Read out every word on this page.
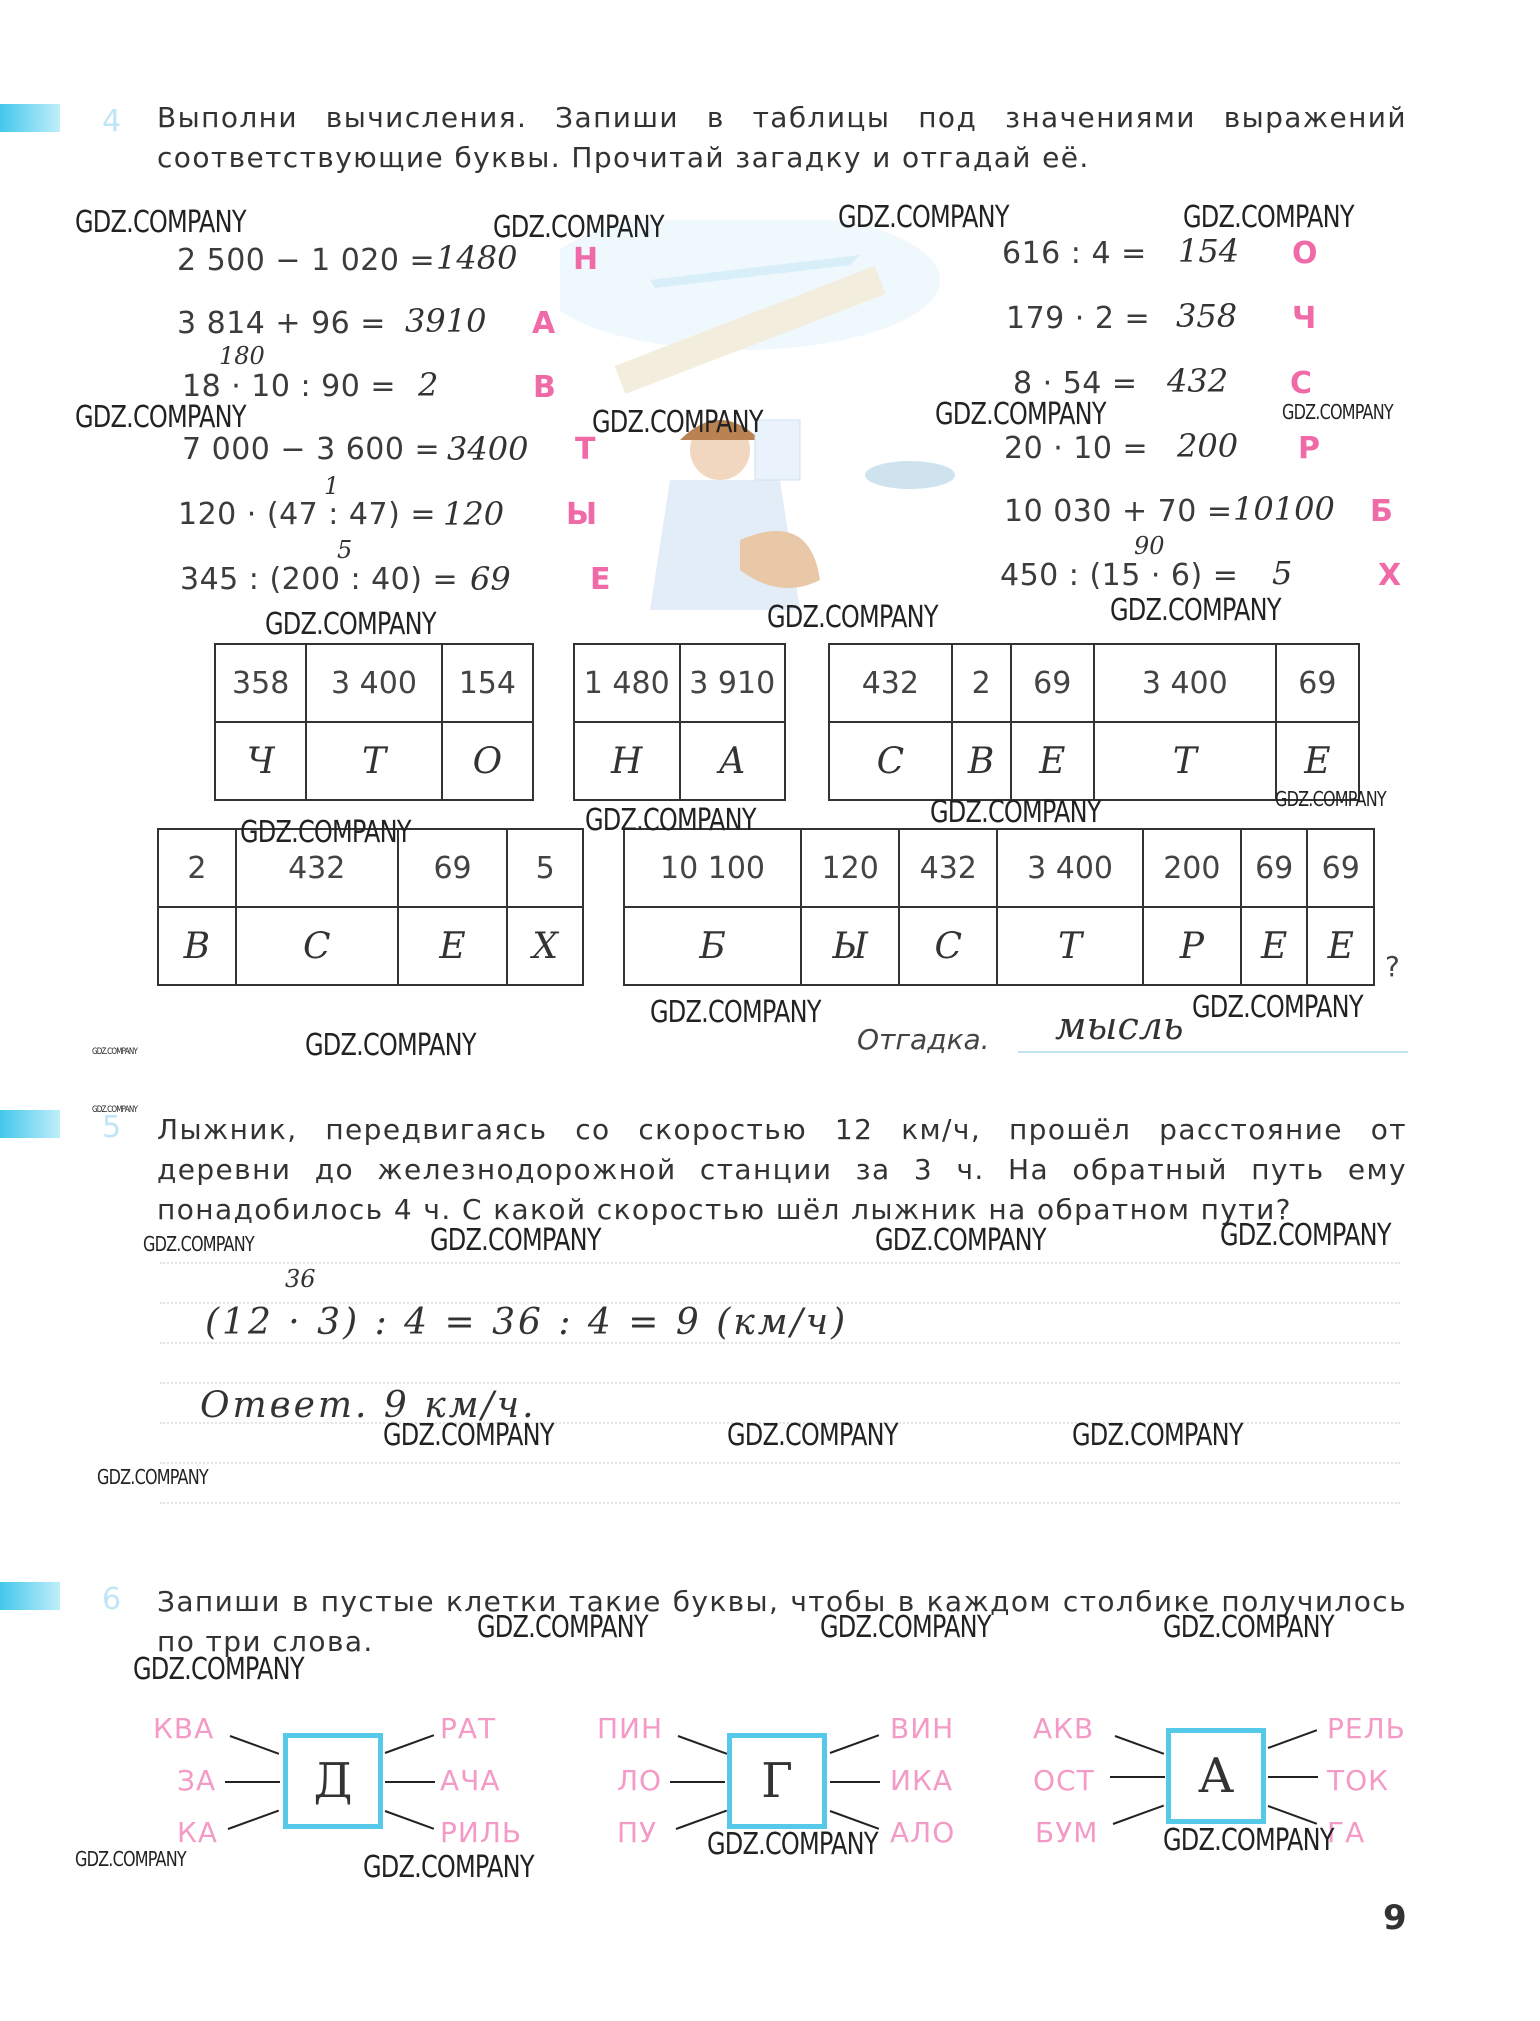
4 Выполни вычисления. Запиши в таблицы под значениями выражений соответствующие буквы. Прочитай загадку и отгадай её.
2 500 − 1 020 = 1480 Н
3 814 + 96 = 3910 А
180
18 · 10 : 90 = 2	В
7 000 − 3 600 = 3400 Т
1
120 · (47 : 47) = 120 Ы
5
345 : (200 : 40) = 69	Е
616 : 4 = 154 О
179 · 2 = 358 Ч
8 · 54 = 432 С
20 · 10 = 200 Р
10 030 + 70 = 10100 Б
90
450 : (15 · 6) = 5	Х
358	3 400	154
Ч	Т	О
1 480	3 910
Н	А
432	2	69	3 400	69
С	В	Е	Т	Е
2	432	69	5
В	С	Е	Х
10 100	120	432	3 400	200	69	69
Б	Ы	С	Т	Р	Е	Е ?
Отгадка. мысль
5 Лыжник, передвигаясь со скоростью 12 км/ч, прошёл расстояние от деревни до железнодорожной станции за 3 ч. На обратный путь ему понадобилось 4 ч. С какой скоростью шёл лыжник на обратном пути?
36
(12 · 3) : 4 = 36 : 4 = 9 (км/ч)
Ответ. 9 км/ч.
6 Запиши в пустые клетки такие буквы, чтобы в каждом столбике получилось по три слова.
КВА
ЗА
КА
Д
РАТ
АЧА
РИЛЬ
ПИН
ЛО
ПУ
Г
ВИН
ИКА
АЛО
АКВ
ОСТ
БУМ
А
РЕЛЬ
ТОК
ГА
9
GDZ.COMPANY	GDZ.COMPANY	GDZ.COMPANY	GDZ.COMPANY
GDZ.COMPANY	GDZ.COMPANY	GDZ.COMPANY	GDZ.COMPANY
GDZ.COMPANY	GDZ.COMPANY	GDZ.COMPANY
GDZ.COMPANY	GDZ.COMPANY	GDZ.COMPANY	GDZ.COMPANY
GDZ.COMPANY	GDZ.COMPANY
GDZ.COMPANY
GDZ.COMPANY
GDZ.COMPANY
GDZ.COMPANY	GDZ.COMPANY	GDZ.COMPANY	GDZ.COMPANY
GDZ.COMPANY	GDZ.COMPANY	GDZ.COMPANY
GDZ.COMPANY
GDZ.COMPANY	GDZ.COMPANY	GDZ.COMPANY
GDZ.COMPANY
GDZ.COMPANY	GDZ.COMPANY
GDZ.COMPANY	GDZ.COMPANY
